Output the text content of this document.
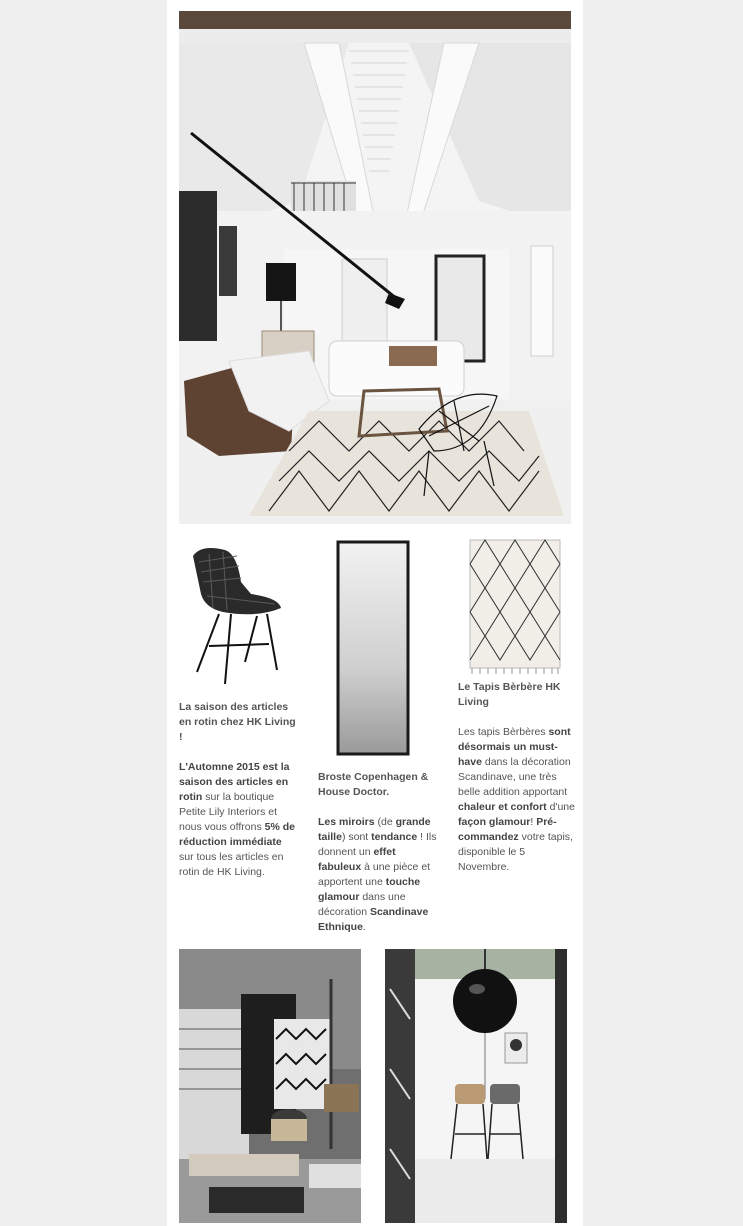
La saison des articles en rotin chez HK Living !
L'Automne 2015 est la saison des articles en rotin sur la boutique Petite Lily Interiors et nous vous offrons 5% de réduction immédiate sur tous les articles en rotin de HK Living.
Broste Copenhagen & House Doctor.
Les miroirs (de grande taille) sont tendance ! Ils donnent un effet fabuleux à une pièce et apportent une touche glamour dans une décoration Scandinave Ethnique.
Le Tapis Bèrbère HK Living
Les tapis Bèrbères sont désormais un must-have dans la décoration Scandinave, une très belle addition apportant chaleur et confort d'une façon glamour! Pré-commandez votre tapis, disponible le 5 Novembre.
